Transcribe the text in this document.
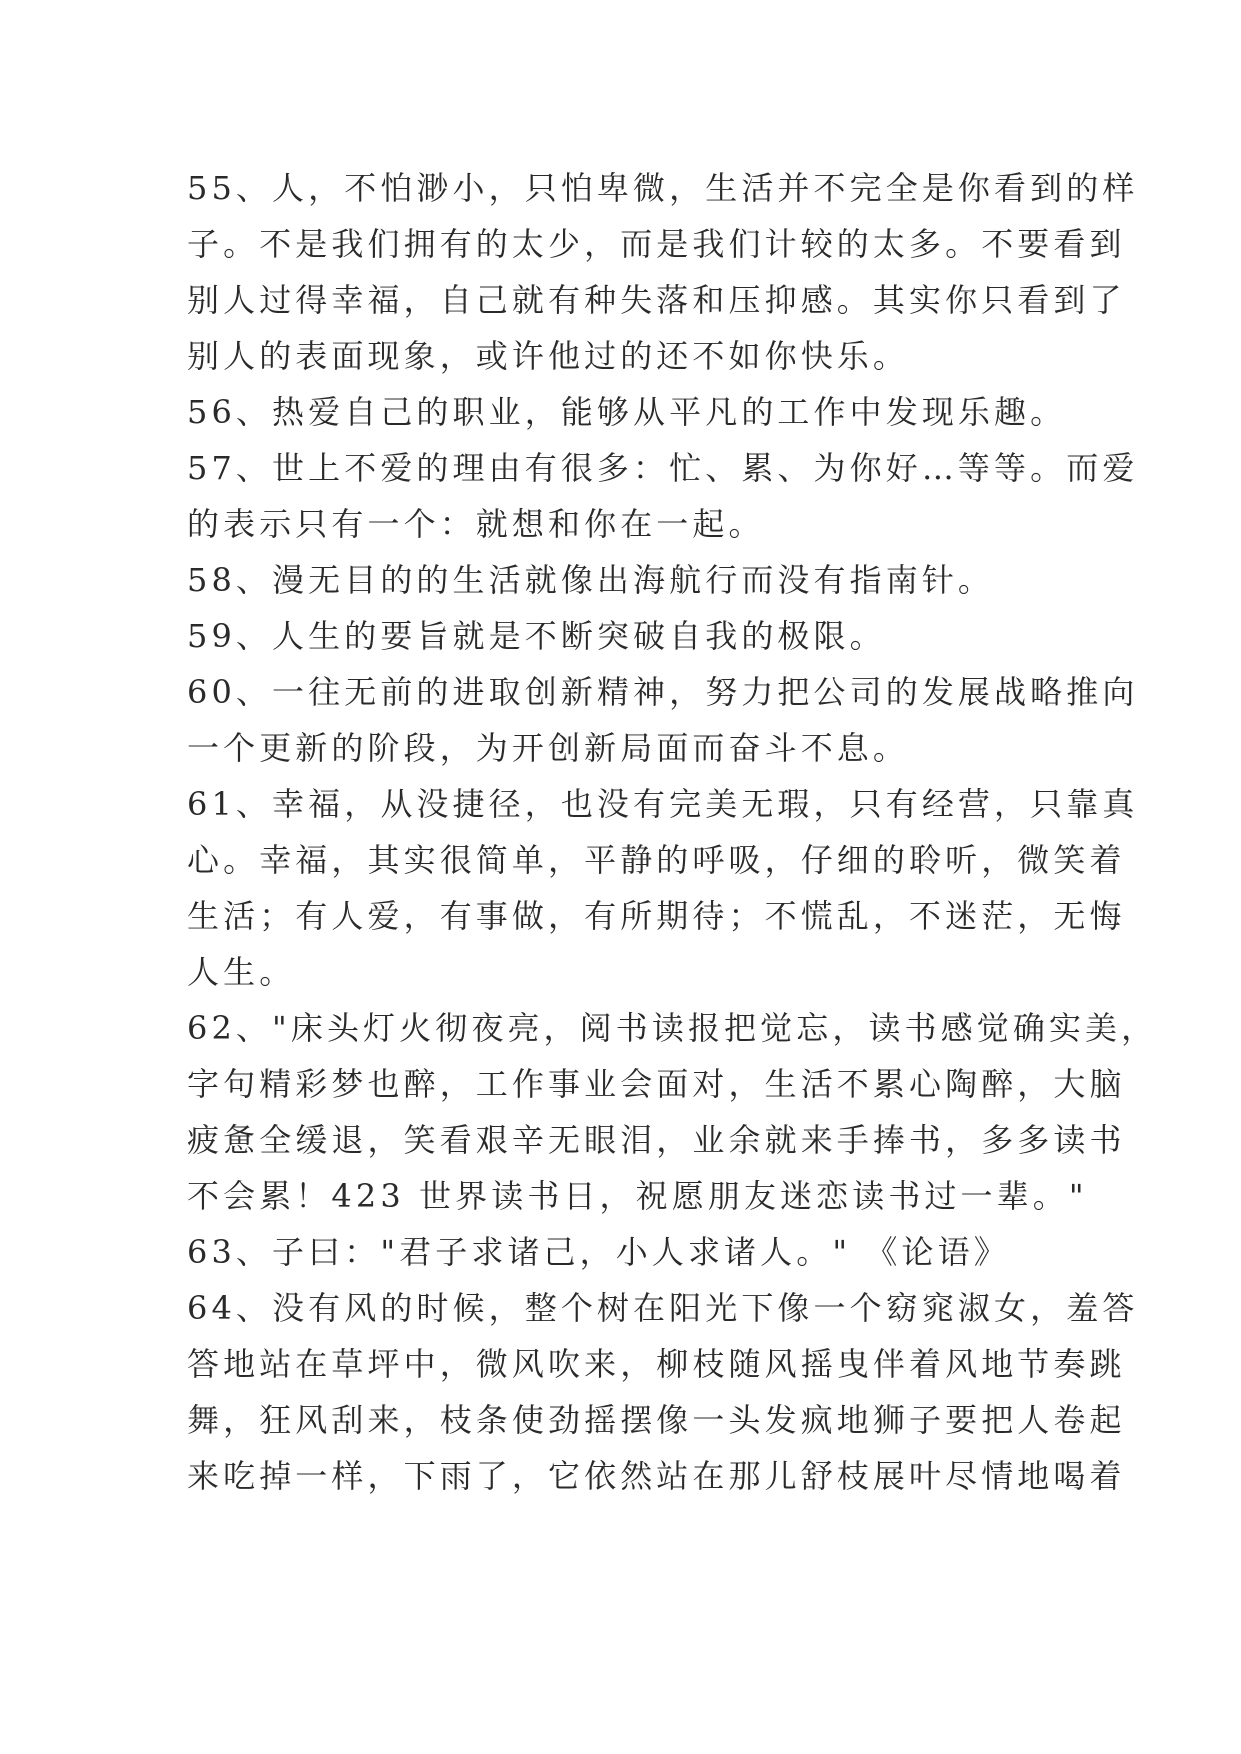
55、人，不怕渺小，只怕卑微，生活并不完全是你看到的样
子。不是我们拥有的太少，而是我们计较的太多。不要看到
别人过得幸福，自己就有种失落和压抑感。其实你只看到了
别人的表面现象，或许他过的还不如你快乐。
56、热爱自己的职业，能够从平凡的工作中发现乐趣。
57、世上不爱的理由有很多：忙、累、为你好…等等。而爱
的表示只有一个：就想和你在一起。
58、漫无目的的生活就像出海航行而没有指南针。
59、人生的要旨就是不断突破自我的极限。
60、一往无前的进取创新精神，努力把公司的发展战略推向
一个更新的阶段，为开创新局面而奋斗不息。
61、幸福，从没捷径，也没有完美无瑕，只有经营，只靠真
心。幸福，其实很简单，平静的呼吸，仔细的聆听，微笑着
生活；有人爱，有事做，有所期待；不慌乱，不迷茫，无悔
人生。
62、"床头灯火彻夜亮，阅书读报把觉忘，读书感觉确实美，
字句精彩梦也醉，工作事业会面对，生活不累心陶醉，大脑
疲惫全缓退，笑看艰辛无眼泪，业余就来手捧书，多多读书
不会累！423 世界读书日，祝愿朋友迷恋读书过一辈。"
63、子曰："君子求诸己，小人求诸人。" 《论语》
64、没有风的时候，整个树在阳光下像一个窈窕淑女，羞答
答地站在草坪中，微风吹来，柳枝随风摇曳伴着风地节奏跳
舞，狂风刮来，枝条使劲摇摆像一头发疯地狮子要把人卷起
来吃掉一样，下雨了，它依然站在那儿舒枝展叶尽情地喝着
